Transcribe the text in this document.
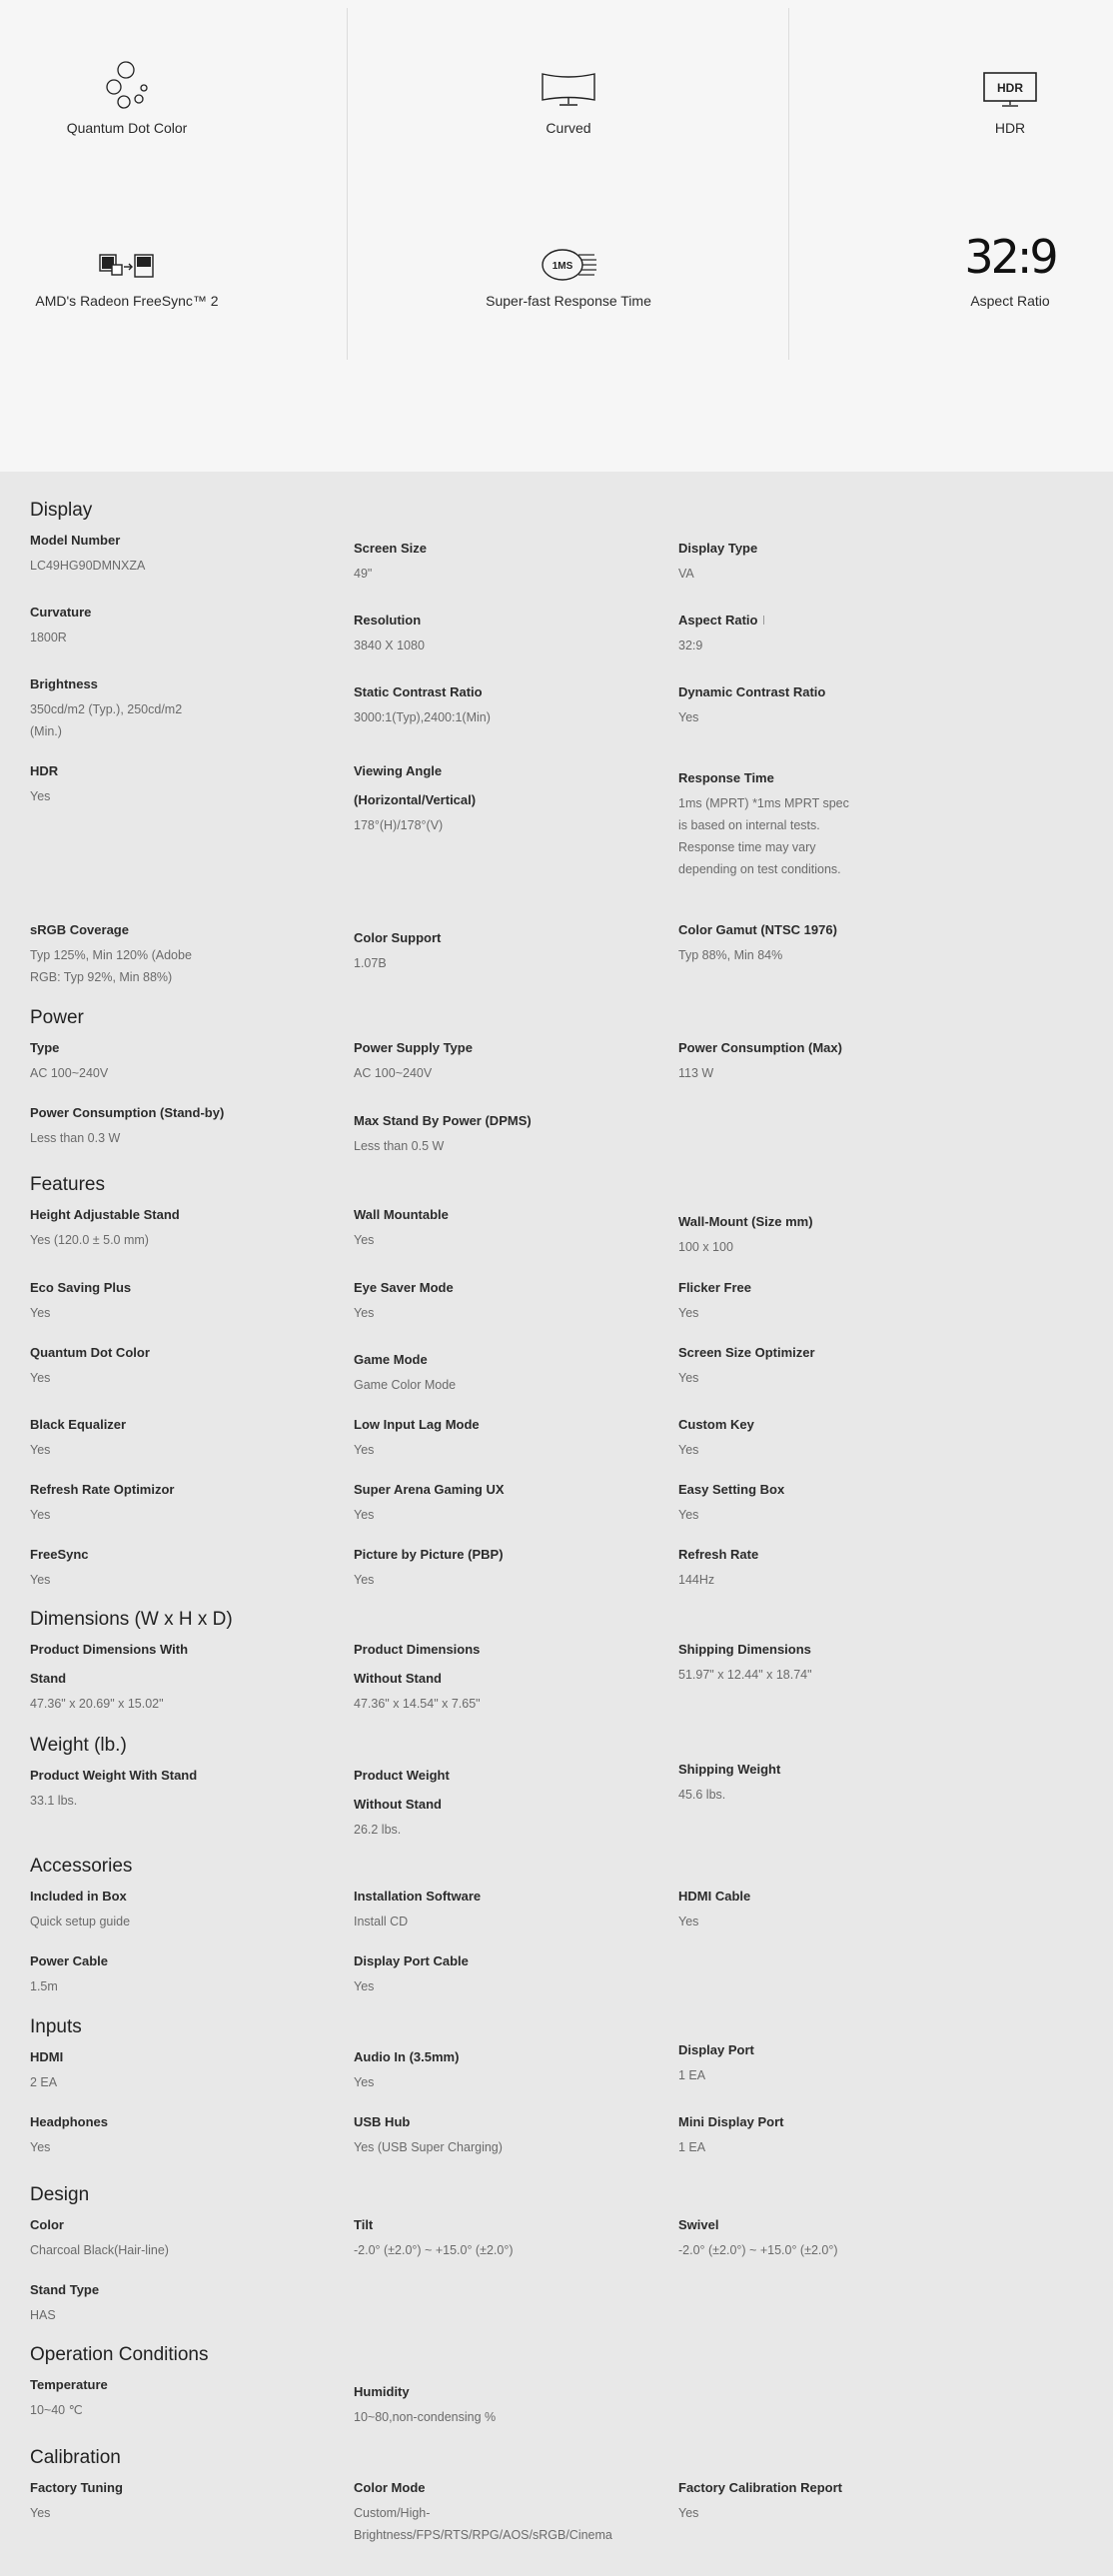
Quantum Dot Color	Curved
HDR
HDR
AMD's Radeon FreeSync™ 2
1MS
Super-fast Response Time
32:9
Aspect Ratio
Display
Model Number
LC49HG90DMNXZA
Screen Size
49"
Display Type
VA
Curvature
1800R
Resolution
3840 X 1080
Aspect Ratio
32:9
Brightness
350cd/m2 (Typ.), 250cd/m2 (Min.)
Static Contrast Ratio
3000:1(Typ),2400:1(Min)
Dynamic Contrast Ratio
Yes
HDR
Yes
Viewing Angle (Horizontal/Vertical)
178°(H)/178°(V)
Response Time
1ms (MPRT) *1ms MPRT spec is based on internal tests. Response time may vary depending on test conditions.
sRGB Coverage
Typ 125%, Min 120% (Adobe RGB: Typ 92%, Min 88%)
Color Support
1.07B
Color Gamut (NTSC 1976)
Typ 88%, Min 84%
Power
Type
AC 100~240V
Power Supply Type
AC 100~240V
Power Consumption (Max)
113 W
Power Consumption (Stand-by)
Less than 0.3 W
Max Stand By Power (DPMS)
Less than 0.5 W
Features
Height Adjustable Stand
Yes (120.0 ± 5.0 mm)
Wall Mountable
Yes
Wall-Mount (Size mm)
100 x 100
Eco Saving Plus
Yes
Eye Saver Mode
Yes
Flicker Free
Yes
Quantum Dot Color
Yes
Game Mode
Game Color Mode
Screen Size Optimizer
Yes
Black Equalizer
Yes
Low Input Lag Mode
Yes
Custom Key
Yes
Refresh Rate Optimizor
Yes
Super Arena Gaming UX
Yes
Easy Setting Box
Yes
FreeSync
Yes
Picture by Picture (PBP)
Yes
Refresh Rate
144Hz
Dimensions (W x H x D)
Product Dimensions With Stand
47.36" x 20.69" x 15.02"
Product Dimensions Without Stand
47.36" x 14.54" x 7.65"
Shipping Dimensions
51.97" x 12.44" x 18.74"
Weight (lb.)
Product Weight With Stand
33.1 lbs.
Product Weight Without Stand
26.2 lbs.
Shipping Weight
45.6 lbs.
Accessories
Included in Box
Quick setup guide
Installation Software
Install CD
HDMI Cable
Yes
Power Cable
1.5m
Display Port Cable
Yes
Inputs
HDMI
2 EA
Audio In (3.5mm)
Yes
Display Port
1 EA
Headphones
Yes
USB Hub
Yes (USB Super Charging)
Mini Display Port
1 EA
Design
Color
Charcoal Black(Hair-line)
Tilt
-2.0° (±2.0°) ~ +15.0° (±2.0°)
Swivel
-2.0° (±2.0°) ~ +15.0° (±2.0°)
Stand Type
HAS
Operation Conditions
Temperature
10~40 ℃
Humidity
10~80,non-condensing %
Calibration
Factory Tuning
Yes
Color Mode
Custom/High-Brightness/FPS/RTS/RPG/AOS/sRGB/Cinema
Factory Calibration Report
Yes
